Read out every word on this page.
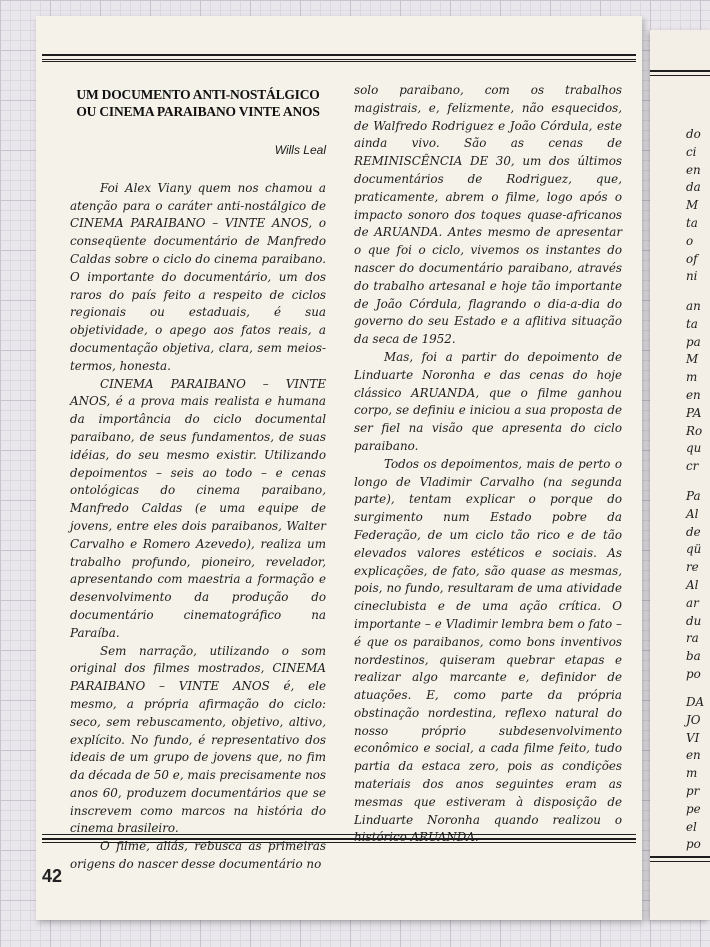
UM DOCUMENTO ANTI-NOSTÁLGICO OU CINEMA PARAIBANO VINTE ANOS
Wills Leal

Foi Alex Viany quem nos chamou a atenção para o caráter anti-nostálgico de CINEMA PARAIBANO – VINTE ANOS, o conseqüente documentário de Manfredo Caldas sobre o ciclo do cinema paraibano. O importante do documentário, um dos raros do país feito a respeito de ciclos regionais ou estaduais, é sua objetividade, o apego aos fatos reais, a documentação objetiva, clara, sem meios-termos, honesta.

CINEMA PARAIBANO – VINTE ANOS, é a prova mais realista e humana da importância do ciclo documental paraibano, de seus fundamentos, de suas idéias, do seu mesmo existir. Utilizando depoimentos – seis ao todo – e cenas ontológicas do cinema paraibano, Manfredo Caldas (e uma equipe de jovens, entre eles dois paraibanos, Walter Carvalho e Romero Azevedo), realiza um trabalho profundo, pioneiro, revelador, apresentando com maestria a formação e desenvolvimento da produção do documentário cinematográfico na Paraíba.

Sem narração, utilizando o som original dos filmes mostrados, CINEMA PARAIBANO – VINTE ANOS é, ele mesmo, a própria afirmação do ciclo: seco, sem rebuscamento, objetivo, altivo, explícito. No fundo, é representativo dos ideais de um grupo de jovens que, no fim da década de 50 e, mais precisamente nos anos 60, produzem documentários que se inscrevem como marcos na história do cinema brasileiro.

O filme, aliás, rebusca as primeiras origens do nascer desse documentário no

solo paraibano, com os trabalhos magistrais, e, felizmente, não esquecidos, de Walfredo Rodriguez e João Córdula, este ainda vivo. São as cenas de REMINISCÊNCIA DE 30, um dos últimos documentários de Rodriguez, que, praticamente, abrem o filme, logo após o impacto sonoro dos toques quase-africanos de ARUANDA. Antes mesmo de apresentar o que foi o ciclo, vivemos os instantes do nascer do documentário paraibano, através do trabalho artesanal e hoje tão importante de João Córdula, flagrando o dia-a-dia do governo do seu Estado e a aflitiva situação da seca de 1952.

Mas, foi a partir do depoimento de Linduarte Noronha e das cenas do hoje clássico ARUANDA, que o filme ganhou corpo, se definiu e iniciou a sua proposta de ser fiel na visão que apresenta do ciclo paraibano.

Todos os depoimentos, mais de perto o longo de Vladimir Carvalho (na segunda parte), tentam explicar o porque do surgimento num Estado pobre da Federação, de um ciclo tão rico e de tão elevados valores estéticos e sociais. As explicações, de fato, são quase as mesmas, pois, no fundo, resultaram de uma atividade cineclubista e de uma ação crítica. O importante – e Vladimir lembra bem o fato – é que os paraibanos, como bons inventivos nordestinos, quiseram quebrar etapas e realizar algo marcante e, definidor de atuações. E, como parte da própria obstinação nordestina, reflexo natural do nosso próprio subdesenvolvimento econômico e social, a cada filme feito, tudo partia da estaca zero, pois as condições materiais dos anos seguintes eram as mesmas que estiveram à disposição de Linduarte Noronha quando realizou o histórico ARUANDA.

42
do
ci
en
da
M
ta
o
of
ni
an
ta
pa
M
m
en
PA
Ro
qu
cr
Pa
Al
de
qü
re
Al
ar
du
ra
ba
po
DA
JO
VI
en
m
pr
pe
el
po
